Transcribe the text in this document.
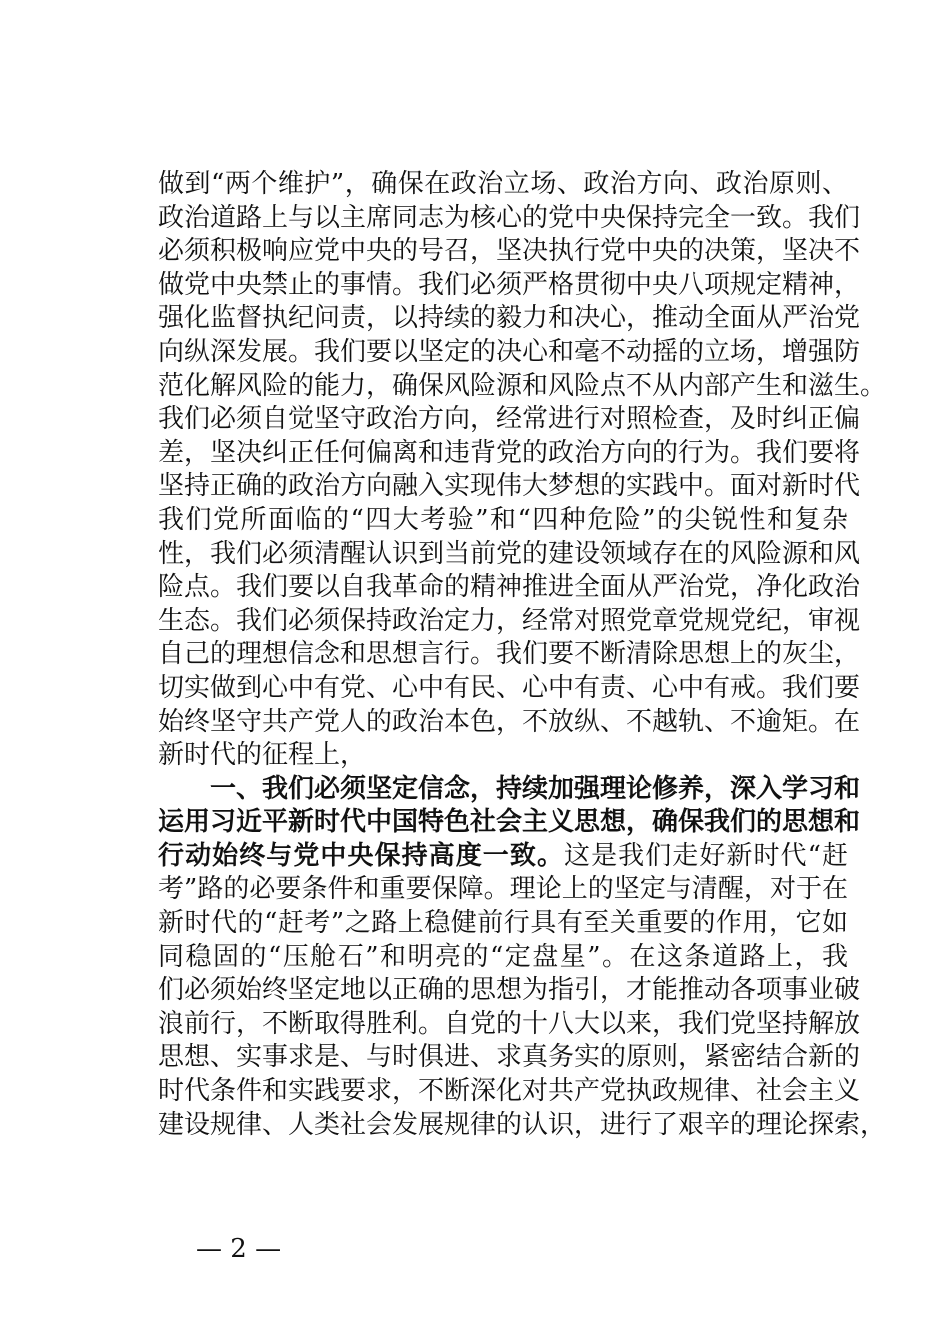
做到“两个维护”，确保在政治立场、政治方向、政治原则、
政治道路上与以主席同志为核心的党中央保持完全一致。我们
必须积极响应党中央的号召，坚决执行党中央的决策，坚决不
做党中央禁止的事情。我们必须严格贯彻中央八项规定精神，
强化监督执纪问责，以持续的毅力和决心，推动全面从严治党
向纵深发展。我们要以坚定的决心和毫不动摇的立场，增强防
范化解风险的能力，确保风险源和风险点不从内部产生和滋生。
我们必须自觉坚守政治方向，经常进行对照检查，及时纠正偏
差，坚决纠正任何偏离和违背党的政治方向的行为。我们要将
坚持正确的政治方向融入实现伟大梦想的实践中。面对新时代
我们党所面临的“四大考验”和“四种危险”的尖锐性和复杂
性，我们必须清醒认识到当前党的建设领域存在的风险源和风
险点。我们要以自我革命的精神推进全面从严治党，净化政治
生态。我们必须保持政治定力，经常对照党章党规党纪，审视
自己的理想信念和思想言行。我们要不断清除思想上的灰尘，
切实做到心中有党、心中有民、心中有责、心中有戒。我们要
始终坚守共产党人的政治本色，不放纵、不越轨、不逾矩。在
新时代的征程上，
一、我们必须坚定信念，持续加强理论修养，深入学习和
运用习近平新时代中国特色社会主义思想，确保我们的思想和
行动始终与党中央保持高度一致。这是我们走好新时代“赶
考”路的必要条件和重要保障。理论上的坚定与清醒，对于在
新时代的“赶考”之路上稳健前行具有至关重要的作用，它如
同稳固的“压舱石”和明亮的“定盘星”。在这条道路上，我
们必须始终坚定地以正确的思想为指引，才能推动各项事业破
浪前行，不断取得胜利。自党的十八大以来，我们党坚持解放
思想、实事求是、与时俱进、求真务实的原则，紧密结合新的
时代条件和实践要求，不断深化对共产党执政规律、社会主义
建设规律、人类社会发展规律的认识，进行了艰辛的理论探索，
— 2 —
